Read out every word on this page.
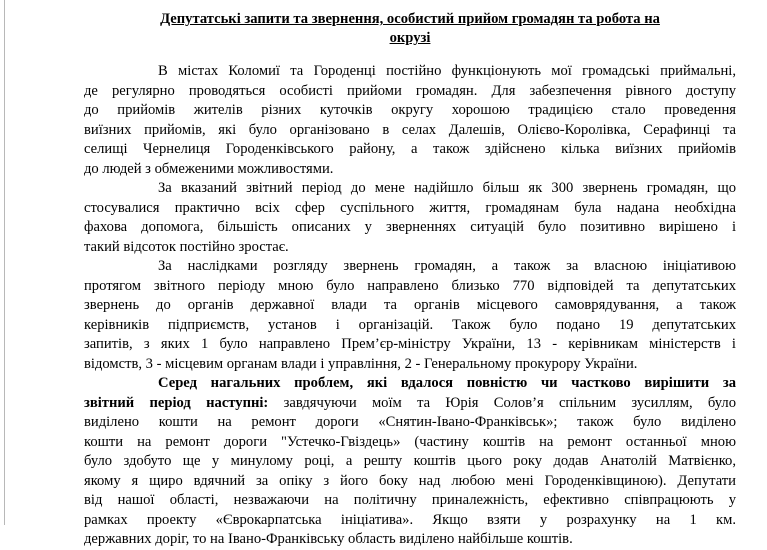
Депутатські запити та звернення, особистий прийом громадян та робота на
окрузі
В містах Коломиї та Городенці постійно функціонують мої громадські приймальні,
де регулярно проводяться особисті прийоми громадян. Для забезпечення рівного доступу
до прийомів жителів різних куточків округу хорошою традицією стало проведення
виїзних прийомів, які було організовано в селах Далешів, Олієво-Королівка, Серафинці та
селищі Чернелиця Городенківського району, а також здійснено кілька виїзних прийомів
до людей з обмеженими можливостями.
За вказаний звітний період до мене надійшло більш як 300 звернень громадян, що
стосувалися практично всіх сфер суспільного життя, громадянам була надана необхідна
фахова допомога, більшість описаних у зверненнях ситуацій було позитивно вирішено і
такий відсоток постійно зростає.
За наслідками розгляду звернень громадян, а також за власною ініціативою
протягом звітного періоду мною було направлено близько 770 відповідей та депутатських
звернень до органів державної влади та органів місцевого самоврядування, а також
керівників підприємств, установ і організацій. Також було подано 19 депутатських
запитів, з яких 1 було направлено Прем’єр-міністру України, 13 - керівникам міністерств і
відомств, 3 - місцевим органам влади і управління, 2 - Генеральному прокурору України.
Серед нагальних проблем, які вдалося повністю чи частково вирішити за
звітний період наступні: завдячуючи моїм та Юрія Солов’я спільним зусиллям, було
виділено кошти на ремонт дороги «Снятин-Івано-Франківськ»; також було виділено
кошти на ремонт дороги "Устечко-Гвіздець» (частину коштів на ремонт останньої мною
було здобуто ще у минулому році, а решту коштів цього року додав Анатолій Матвієнко,
якому я щиро вдячний за опіку з його боку над любою мені Городенківщиною). Депутати
від нашої області, незважаючи на політичну приналежність, ефективно співпрацюють у
рамках проекту «Єврокарпатська ініціатива». Якщо взяти у розрахунку на 1 км.
державних доріг, то на Івано-Франківську область виділено найбільше коштів.
